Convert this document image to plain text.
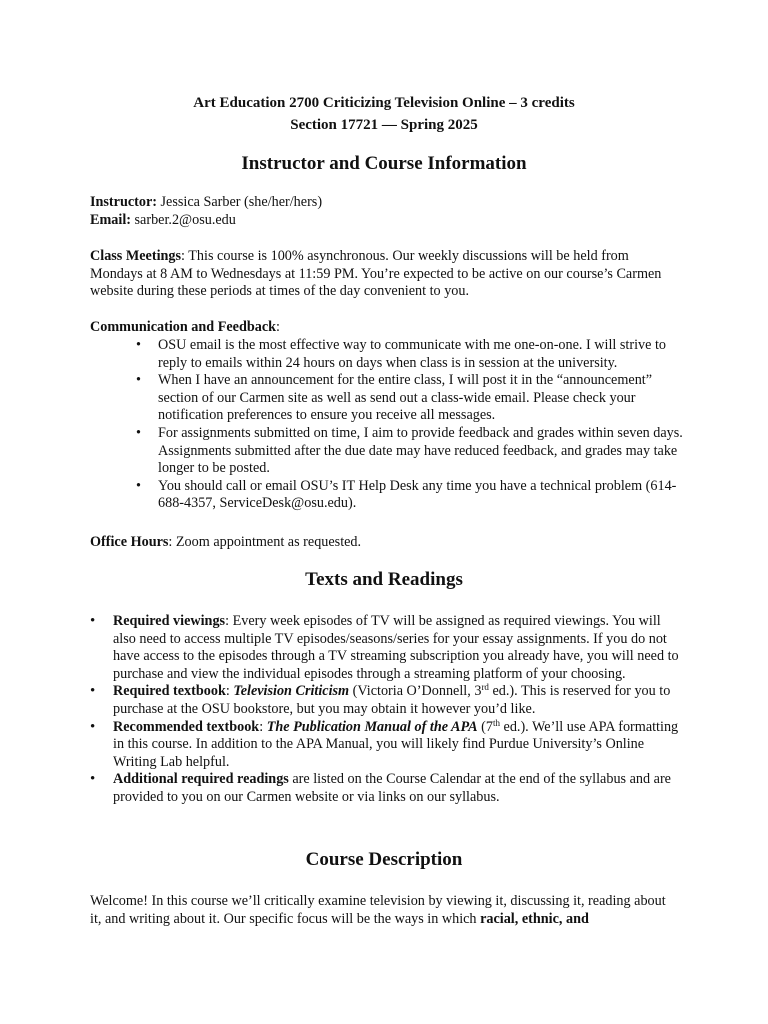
Art Education 2700 Criticizing Television Online – 3 credits
Section 17721 — Spring 2025
Instructor and Course Information
Instructor: Jessica Sarber (she/her/hers)
Email: sarber.2@osu.edu
Class Meetings: This course is 100% asynchronous. Our weekly discussions will be held from Mondays at 8 AM to Wednesdays at 11:59 PM. You’re expected to be active on our course’s Carmen website during these periods at times of the day convenient to you.
Communication and Feedback:
• OSU email is the most effective way to communicate with me one-on-one. I will strive to reply to emails within 24 hours on days when class is in session at the university.
• When I have an announcement for the entire class, I will post it in the “announcement” section of our Carmen site as well as send out a class-wide email. Please check your notification preferences to ensure you receive all messages.
• For assignments submitted on time, I aim to provide feedback and grades within seven days. Assignments submitted after the due date may have reduced feedback, and grades may take longer to be posted.
• You should call or email OSU’s IT Help Desk any time you have a technical problem (614-688-4357, ServiceDesk@osu.edu).
Office Hours: Zoom appointment as requested.
Texts and Readings
• Required viewings: Every week episodes of TV will be assigned as required viewings. You will also need to access multiple TV episodes/seasons/series for your essay assignments. If you do not have access to the episodes through a TV streaming subscription you already have, you will need to purchase and view the individual episodes through a streaming platform of your choosing.
• Required textbook: Television Criticism (Victoria O’Donnell, 3rd ed.). This is reserved for you to purchase at the OSU bookstore, but you may obtain it however you’d like.
• Recommended textbook: The Publication Manual of the APA (7th ed.). We’ll use APA formatting in this course. In addition to the APA Manual, you will likely find Purdue University’s Online Writing Lab helpful.
• Additional required readings are listed on the Course Calendar at the end of the syllabus and are provided to you on our Carmen website or via links on our syllabus.
Course Description
Welcome! In this course we’ll critically examine television by viewing it, discussing it, reading about it, and writing about it. Our specific focus will be the ways in which racial, ethnic, and
